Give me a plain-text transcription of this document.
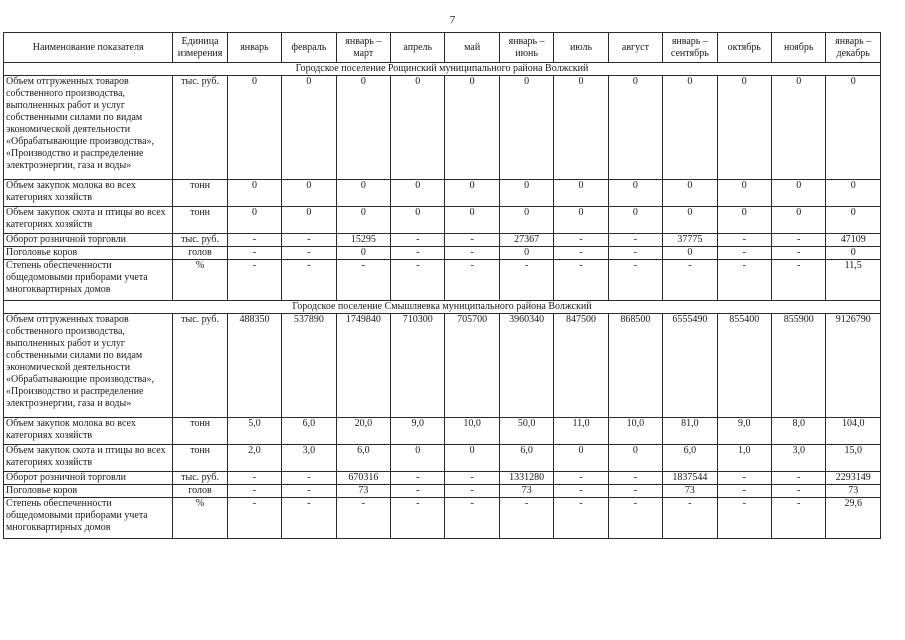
7
Наименование показателя	Единица измерения	январь	февраль	январь – март	апрель	май	январь – июнь	июль	август	январь – сентябрь	октябрь	ноябрь	январь – декабрь
Городское поселение Рощинский муниципального района Волжский													
Объем отгруженных товаров собственного производства, выполненных работ и услуг собственными силами по видам экономической деятельности «Обрабатывающие производства», «Производство и распределение электроэнергии, газа и воды»	тыс. руб.	0	0	0	0	0	0	0	0	0	0	0	0
Объем закупок молока во всех категориях хозяйств	тонн	0	0	0	0	0	0	0	0	0	0	0	0
Объем закупок скота и птицы во всех категориях хозяйств	тонн	0	0	0	0	0	0	0	0	0	0	0	0
Оборот розничной торговли	тыс. руб.	-	-	15295	-	-	27367	-	-	37775	-	-	47109
Поголовье коров	голов	-	-	0	-	-	0	-	-	0	-	-	0
Степень обеспеченности общедомовыми приборами учета многоквартирных домов	%	-	-	-	-	-	-	-	-	-	-	-	11,5
Городское поселение Смышляевка муниципального района Волжский													
Объем отгруженных товаров собственного производства, выполненных работ и услуг собственными силами по видам экономической деятельности «Обрабатывающие производства», «Производство и распределение электроэнергии, газа и воды»	тыс. руб.	488350	537890	1749840	710300	705700	3960340	847500	868500	6555490	855400	855900	9126790
Объем закупок молока во всех категориях хозяйств	тонн	5,0	6,0	20,0	9,0	10,0	50,0	11,0	10,0	81,0	9,0	8,0	104,0
Объем закупок скота и птицы во всех категориях хозяйств	тонн	2,0	3,0	6,0	0	0	6,0	0	0	6,0	1,0	3,0	15,0
Оборот розничной торговли	тыс. руб.	-	-	670316	-	-	1331280	-	-	1837544	-	-	2293149
Поголовье коров	голов	-	-	73	-	-	73	-	-	73	-	-	73
Степень обеспеченности общедомовыми приборами учета многоквартирных домов	%	-	-	-	-	-	-	-	-	-	-	-	29,6
